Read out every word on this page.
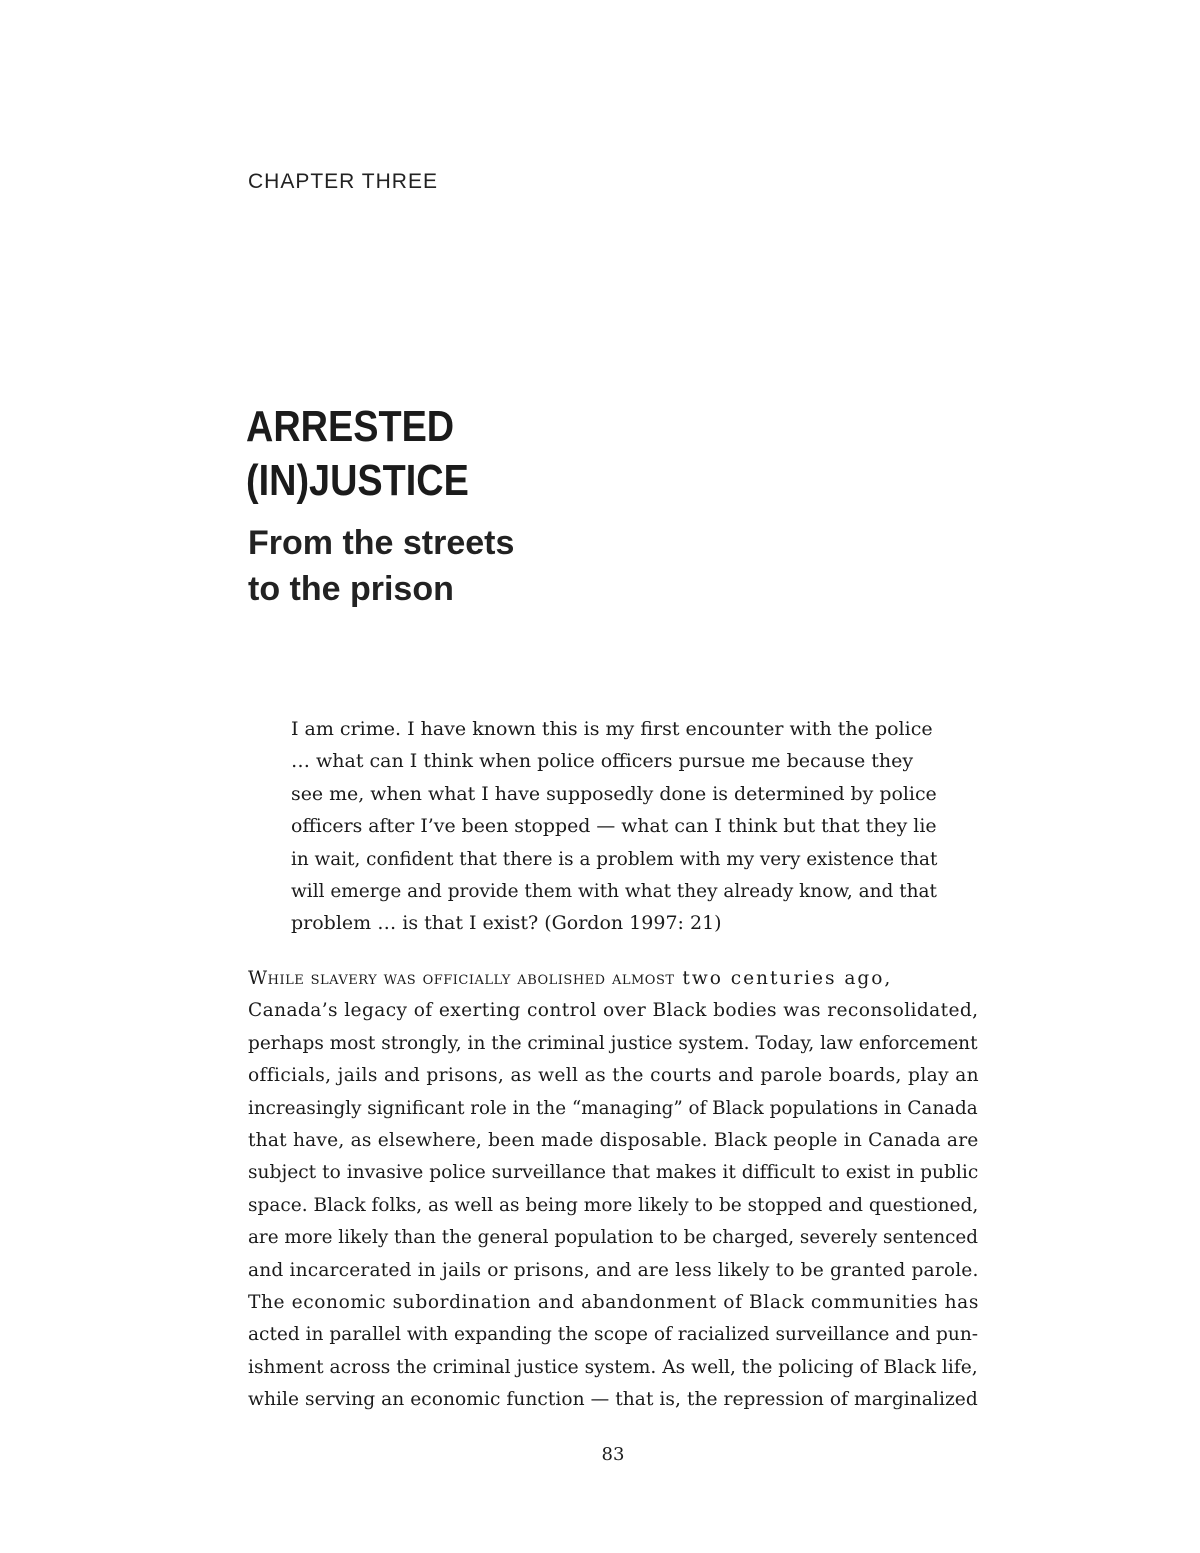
CHAPTER THREE
ARRESTED
(IN)JUSTICE
From the streets
to the prison
I am crime. I have known this is my first encounter with the police
… what can I think when police officers pursue me because they
see me, when what I have supposedly done is determined by police
officers after I’ve been stopped — what can I think but that they lie
in wait, confident that there is a problem with my very existence that
will emerge and provide them with what they already know, and that
problem … is that I exist? (Gordon 1997: 21)
While slavery was officially abolished almost two centuries ago,
Canada’s legacy of exerting control over Black bodies was reconsolidated,
perhaps most strongly, in the criminal justice system. Today, law enforcement
officials, jails and prisons, as well as the courts and parole boards, play an
increasingly significant role in the “managing” of Black populations in Canada
that have, as elsewhere, been made disposable. Black people in Canada are
subject to invasive police surveillance that makes it difficult to exist in public
space. Black folks, as well as being more likely to be stopped and questioned,
are more likely than the general population to be charged, severely sentenced
and incarcerated in jails or prisons, and are less likely to be granted parole.
The economic subordination and abandonment of Black communities has
acted in parallel with expanding the scope of racialized surveillance and pun-
ishment across the criminal justice system. As well, the policing of Black life,
while serving an economic function — that is, the repression of marginalized
83
